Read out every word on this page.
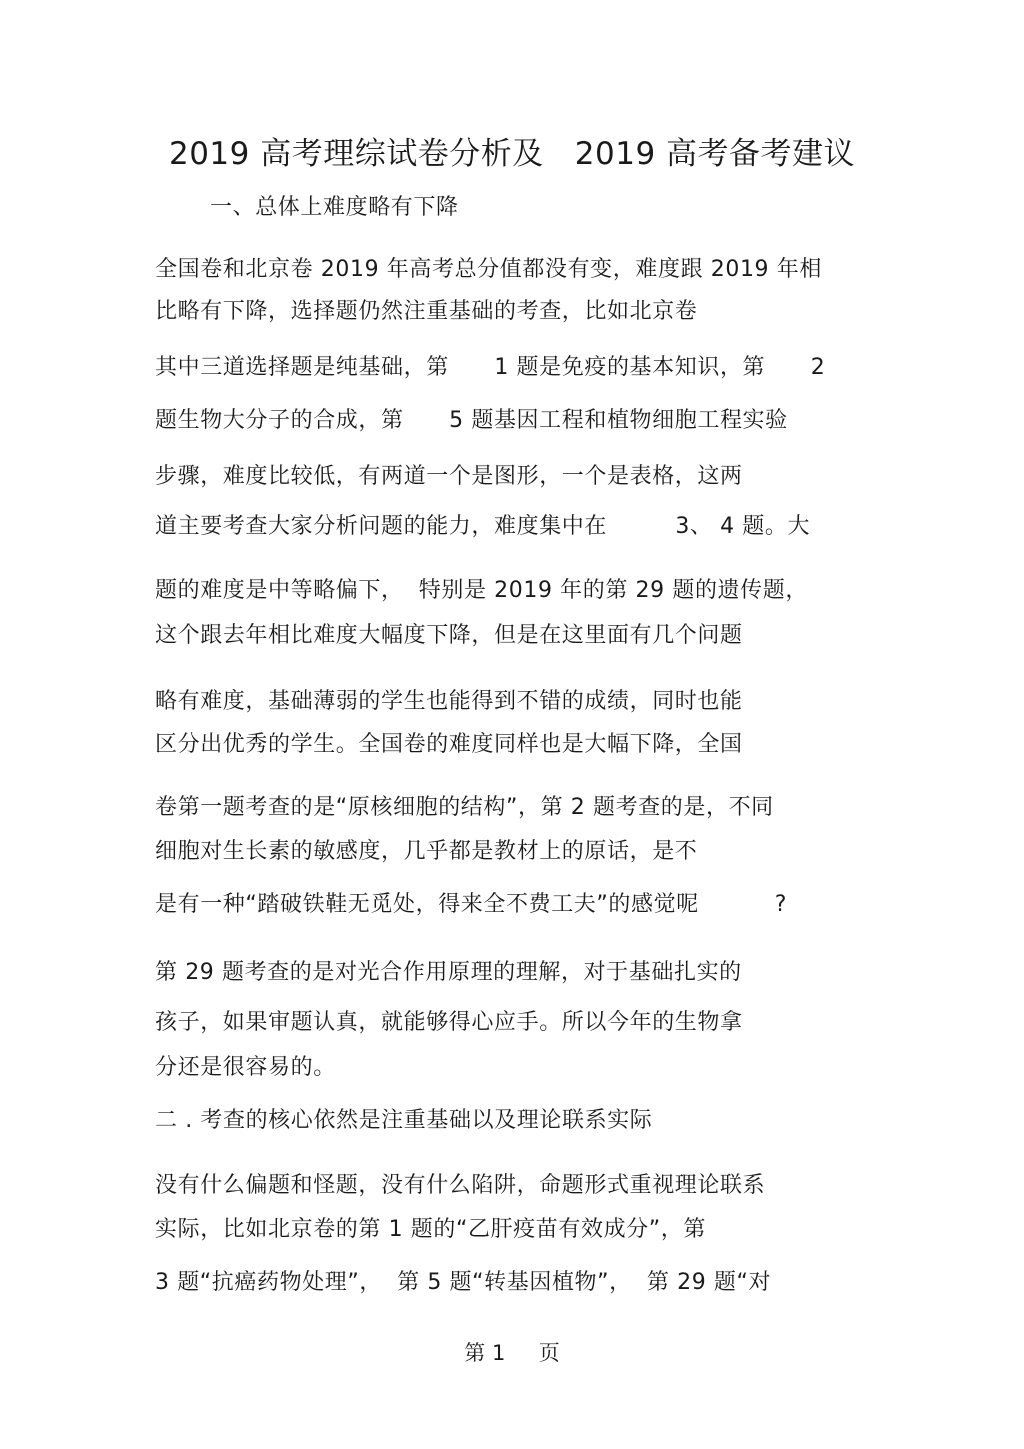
2019 高考理综试卷分析及   2019 高考备考建议
一、总体上难度略有下降
全国卷和北京卷 2019 年高考总分值都没有变，难度跟 2019 年相
比略有下降，选择题仍然注重基础的考查，比如北京卷
其中三道选择题是纯基础，第      1 题是免疫的基本知识，第      2
题生物大分子的合成，第      5 题基因工程和植物细胞工程实验
步骤，难度比较低，有两道一个是图形，一个是表格，这两
道主要考查大家分析问题的能力，难度集中在         3、 4 题。大
题的难度是中等略偏下，  特别是 2019 年的第 29 题的遗传题，
这个跟去年相比难度大幅度下降，但是在这里面有几个问题
略有难度，基础薄弱的学生也能得到不错的成绩，同时也能
区分出优秀的学生。全国卷的难度同样也是大幅下降，全国
卷第一题考查的是“原核细胞的结构”，第 2 题考查的是，不同
细胞对生长素的敏感度，几乎都是教材上的原话，是不
是有一种“踏破铁鞋无觅处，得来全不费工夫”的感觉呢          ?
第 29 题考查的是对光合作用原理的理解，对于基础扎实的
孩子，如果审题认真，就能够得心应手。所以今年的生物拿
分还是很容易的。
二 . 考查的核心依然是注重基础以及理论联系实际
没有什么偏题和怪题，没有什么陷阱，命题形式重视理论联系
实际，比如北京卷的第 1 题的“乙肝疫苗有效成分”，第
3 题“抗癌药物处理”，  第 5 题“转基因植物”，  第 29 题“对
第 1     页
